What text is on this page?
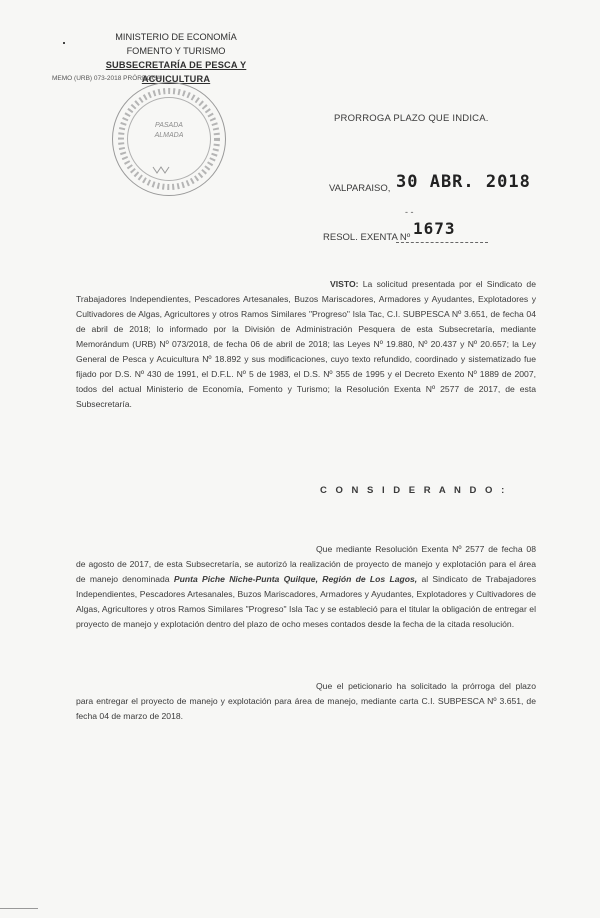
MINISTERIO DE ECONOMÍA
FOMENTO Y TURISMO
SUBSECRETARÍA DE PESCA Y ACUICULTURA
MEMO (URB) 073-2018 PRÓRROGA
PASADA
ALMADA
PRORROGA PLAZO QUE INDICA.
VALPARAISO, 30 ABR. 2018
- -
RESOL. EXENTA Nº 1673
VISTO: La solicitud presentada por el Sindicato de Trabajadores Independientes, Pescadores Artesanales, Buzos Mariscadores, Armadores y Ayudantes, Explotadores y Cultivadores de Algas, Agricultores y otros Ramos Similares "Progreso" Isla Tac, C.I. SUBPESCA Nº 3.651, de fecha 04 de abril de 2018; lo informado por la División de Administración Pesquera de esta Subsecretaría, mediante Memorándum (URB) Nº 073/2018, de fecha 06 de abril de 2018; las Leyes Nº 19.880, Nº 20.437 y Nº 20.657; la Ley General de Pesca y Acuicultura Nº 18.892 y sus modificaciones, cuyo texto refundido, coordinado y sistematizado fue fijado por D.S. Nº 430 de 1991, el D.F.L. Nº 5 de 1983, el D.S. Nº 355 de 1995 y el Decreto Exento Nº 1889 de 2007, todos del actual Ministerio de Economía, Fomento y Turismo; la Resolución Exenta Nº 2577 de 2017, de esta Subsecretaría.
C O N S I D E R A N D O :
Que mediante Resolución Exenta Nº 2577 de fecha 08 de agosto de 2017, de esta Subsecretaría, se autorizó la realización de proyecto de manejo y explotación para el área de manejo denominada Punta Piche Niche-Punta Quilque, Región de Los Lagos, al Sindicato de Trabajadores Independientes, Pescadores Artesanales, Buzos Mariscadores, Armadores y Ayudantes, Explotadores y Cultivadores de Algas, Agricultores y otros Ramos Similares "Progreso" Isla Tac y se estableció para el titular la obligación de entregar el proyecto de manejo y explotación dentro del plazo de ocho meses contados desde la fecha de la citada resolución.
Que el peticionario ha solicitado la prórroga del plazo para entregar el proyecto de manejo y explotación para área de manejo, mediante carta C.I. SUBPESCA Nº 3.651, de fecha 04 de marzo de 2018.
